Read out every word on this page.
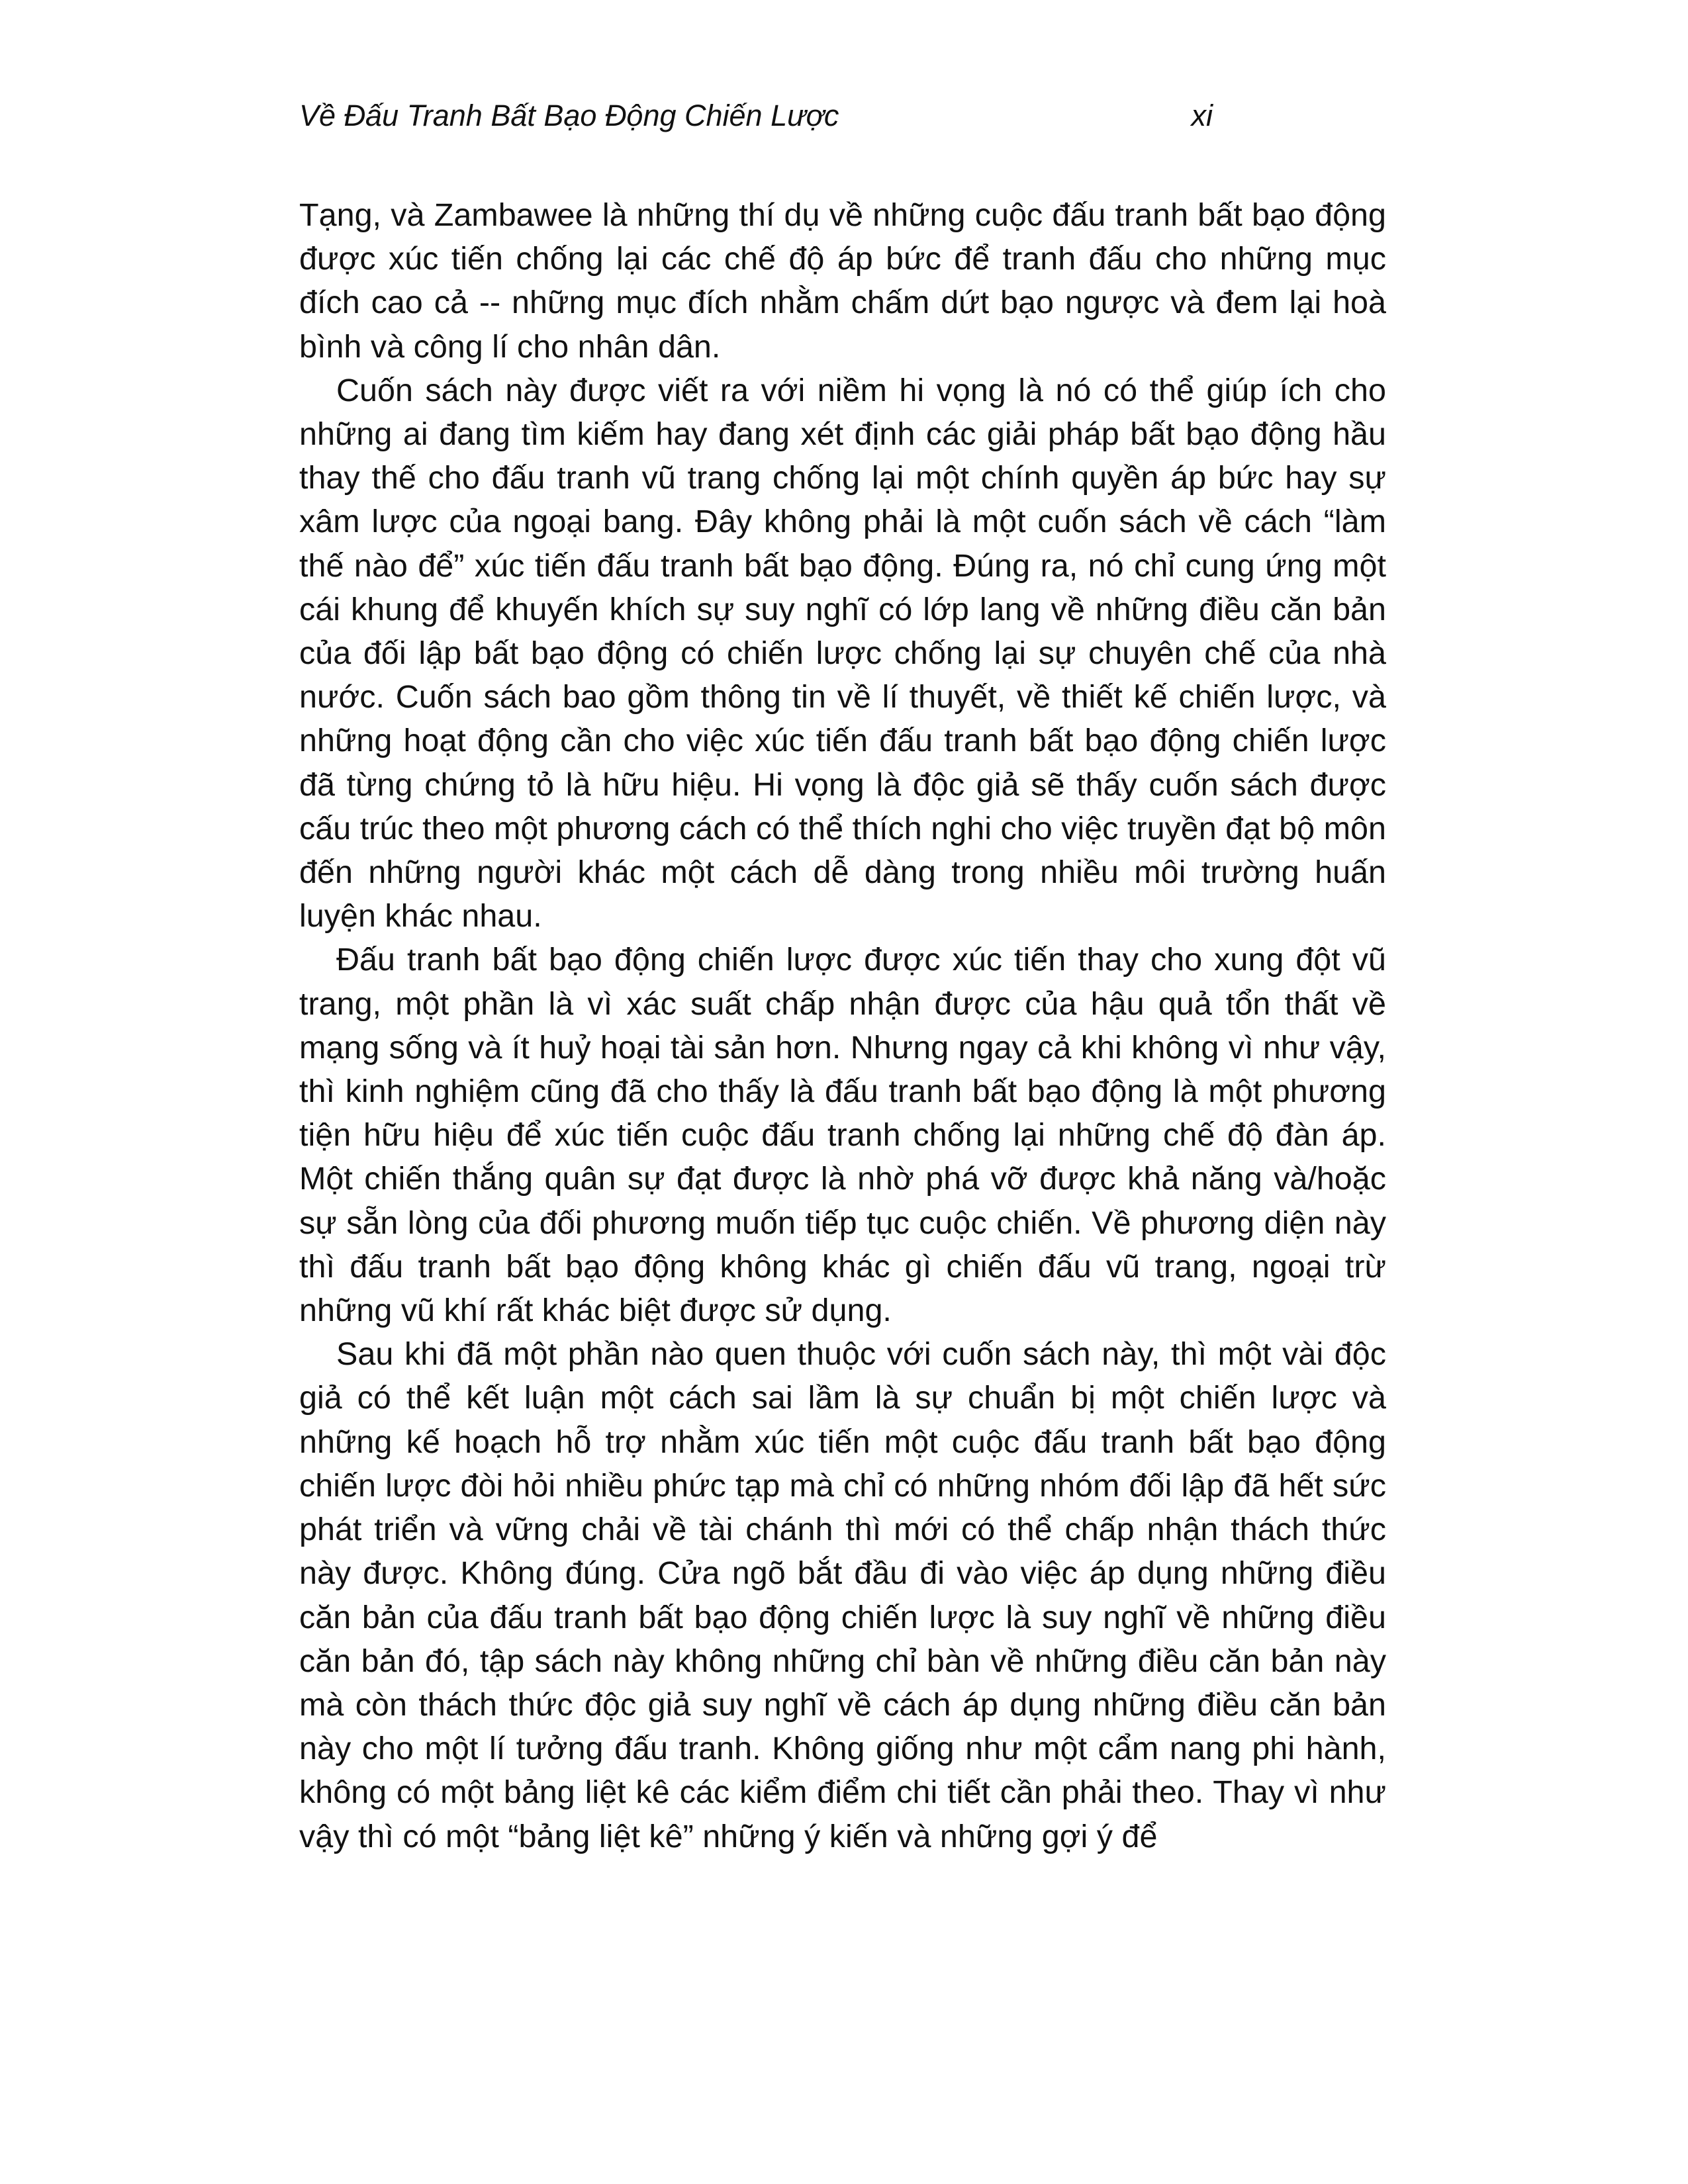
Về Đấu Tranh Bất Bạo Động Chiến Lược	xi

Tạng, và Zambawee là những thí dụ về những cuộc đấu tranh bất bạo động được xúc tiến chống lại các chế độ áp bức để tranh đấu cho những mục đích cao cả -- những mục đích nhằm chấm dứt bạo ngược và đem lại hoà bình và công lí cho nhân dân.

Cuốn sách này được viết ra với niềm hi vọng là nó có thể giúp ích cho những ai đang tìm kiếm hay đang xét định các giải pháp bất bạo động hầu thay thế cho đấu tranh vũ trang chống lại một chính quyền áp bức hay sự xâm lược của ngoại bang. Đây không phải là một cuốn sách về cách “làm thế nào để” xúc tiến đấu tranh bất bạo động. Đúng ra, nó chỉ cung ứng một cái khung để khuyến khích sự suy nghĩ có lớp lang về những điều căn bản của đối lập bất bạo động có chiến lược chống lại sự chuyên chế của nhà nước. Cuốn sách bao gồm thông tin về lí thuyết, về thiết kế chiến lược, và những hoạt động cần cho việc xúc tiến đấu tranh bất bạo động chiến lược đã từng chứng tỏ là hữu hiệu. Hi vọng là độc giả sẽ thấy cuốn sách được cấu trúc theo một phương cách có thể thích nghi cho việc truyền đạt bộ môn đến những người khác một cách dễ dàng trong nhiều môi trường huấn luyện khác nhau.

Đấu tranh bất bạo động chiến lược được xúc tiến thay cho xung đột vũ trang, một phần là vì xác suất chấp nhận được của hậu quả tổn thất về mạng sống và ít huỷ hoại tài sản hơn. Nhưng ngay cả khi không vì như vậy, thì kinh nghiệm cũng đã cho thấy là đấu tranh bất bạo động là một phương tiện hữu hiệu để xúc tiến cuộc đấu tranh chống lại những chế độ đàn áp. Một chiến thắng quân sự đạt được là nhờ phá vỡ được khả năng và/hoặc sự sẵn lòng của đối phương muốn tiếp tục cuộc chiến. Về phương diện này thì đấu tranh bất bạo động không khác gì chiến đấu vũ trang, ngoại trừ những vũ khí rất khác biệt được sử dụng.

Sau khi đã một phần nào quen thuộc với cuốn sách này, thì một vài độc giả có thể kết luận một cách sai lầm là sự chuẩn bị một chiến lược và những kế hoạch hỗ trợ nhằm xúc tiến một cuộc đấu tranh bất bạo động chiến lược đòi hỏi nhiều phức tạp mà chỉ có những nhóm đối lập đã hết sức phát triển và vững chải về tài chánh thì mới có thể chấp nhận thách thức này được. Không đúng. Cửa ngõ bắt đầu đi vào việc áp dụng những điều căn bản của đấu tranh bất bạo động chiến lược là suy nghĩ về những điều căn bản đó, tập sách này không những chỉ bàn về những điều căn bản này mà còn thách thức độc giả suy nghĩ về cách áp dụng những điều căn bản này cho một lí tưởng đấu tranh. Không giống như một cẩm nang phi hành, không có một bảng liệt kê các kiểm điểm chi tiết cần phải theo. Thay vì như vậy thì có một “bảng liệt kê” những ý kiến và những gợi ý để
